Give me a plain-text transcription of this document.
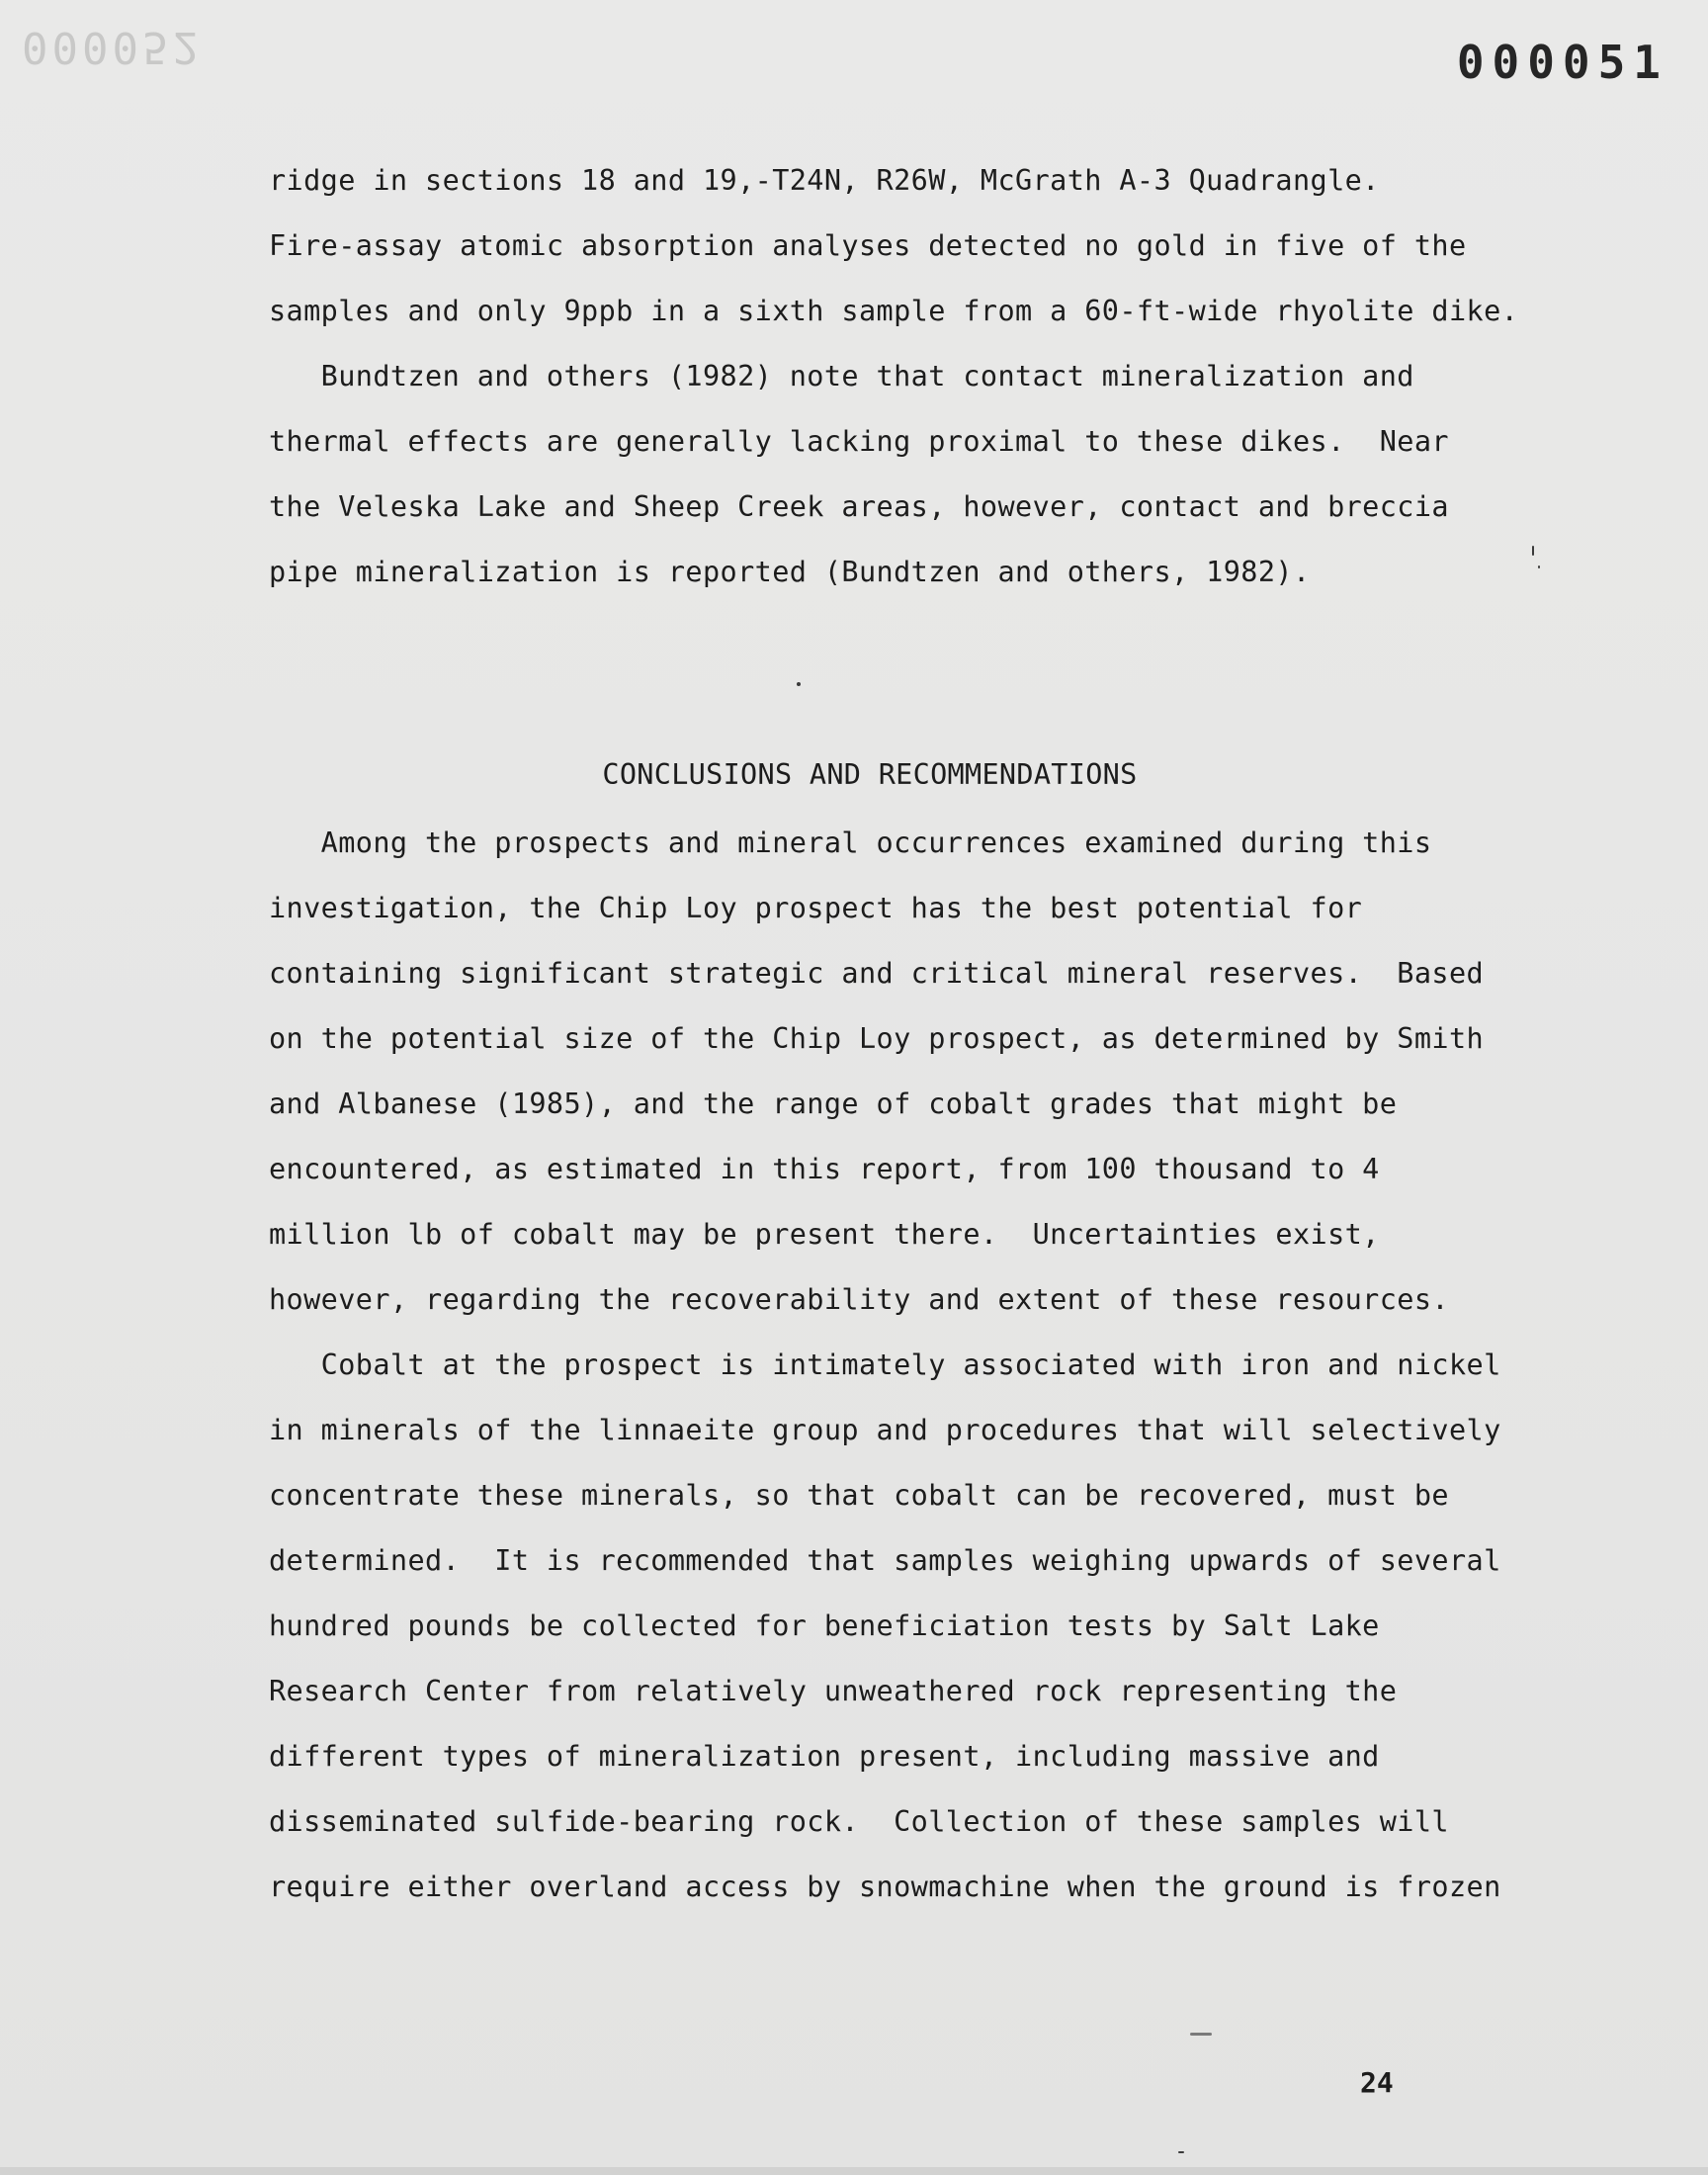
000052	000051
ridge in sections 18 and 19,-T24N, R26W, McGrath A-3 Quadrangle.
Fire-assay atomic absorption analyses detected no gold in five of the
samples and only 9ppb in a sixth sample from a 60-ft-wide rhyolite dike.
Bundtzen and others (1982) note that contact mineralization and
thermal effects are generally lacking proximal to these dikes.  Near
the Veleska Lake and Sheep Creek areas, however, contact and breccia
pipe mineralization is reported (Bundtzen and others, 1982).
CONCLUSIONS AND RECOMMENDATIONS
Among the prospects and mineral occurrences examined during this
investigation, the Chip Loy prospect has the best potential for
containing significant strategic and critical mineral reserves.  Based
on the potential size of the Chip Loy prospect, as determined by Smith
and Albanese (1985), and the range of cobalt grades that might be
encountered, as estimated in this report, from 100 thousand to 4
million lb of cobalt may be present there.  Uncertainties exist,
however, regarding the recoverability and extent of these resources.
Cobalt at the prospect is intimately associated with iron and nickel
in minerals of the linnaeite group and procedures that will selectively
concentrate these minerals, so that cobalt can be recovered, must be
determined.  It is recommended that samples weighing upwards of several
hundred pounds be collected for beneficiation tests by Salt Lake
Research Center from relatively unweathered rock representing the
different types of mineralization present, including massive and
disseminated sulfide-bearing rock.  Collection of these samples will
require either overland access by snowmachine when the ground is frozen
24
